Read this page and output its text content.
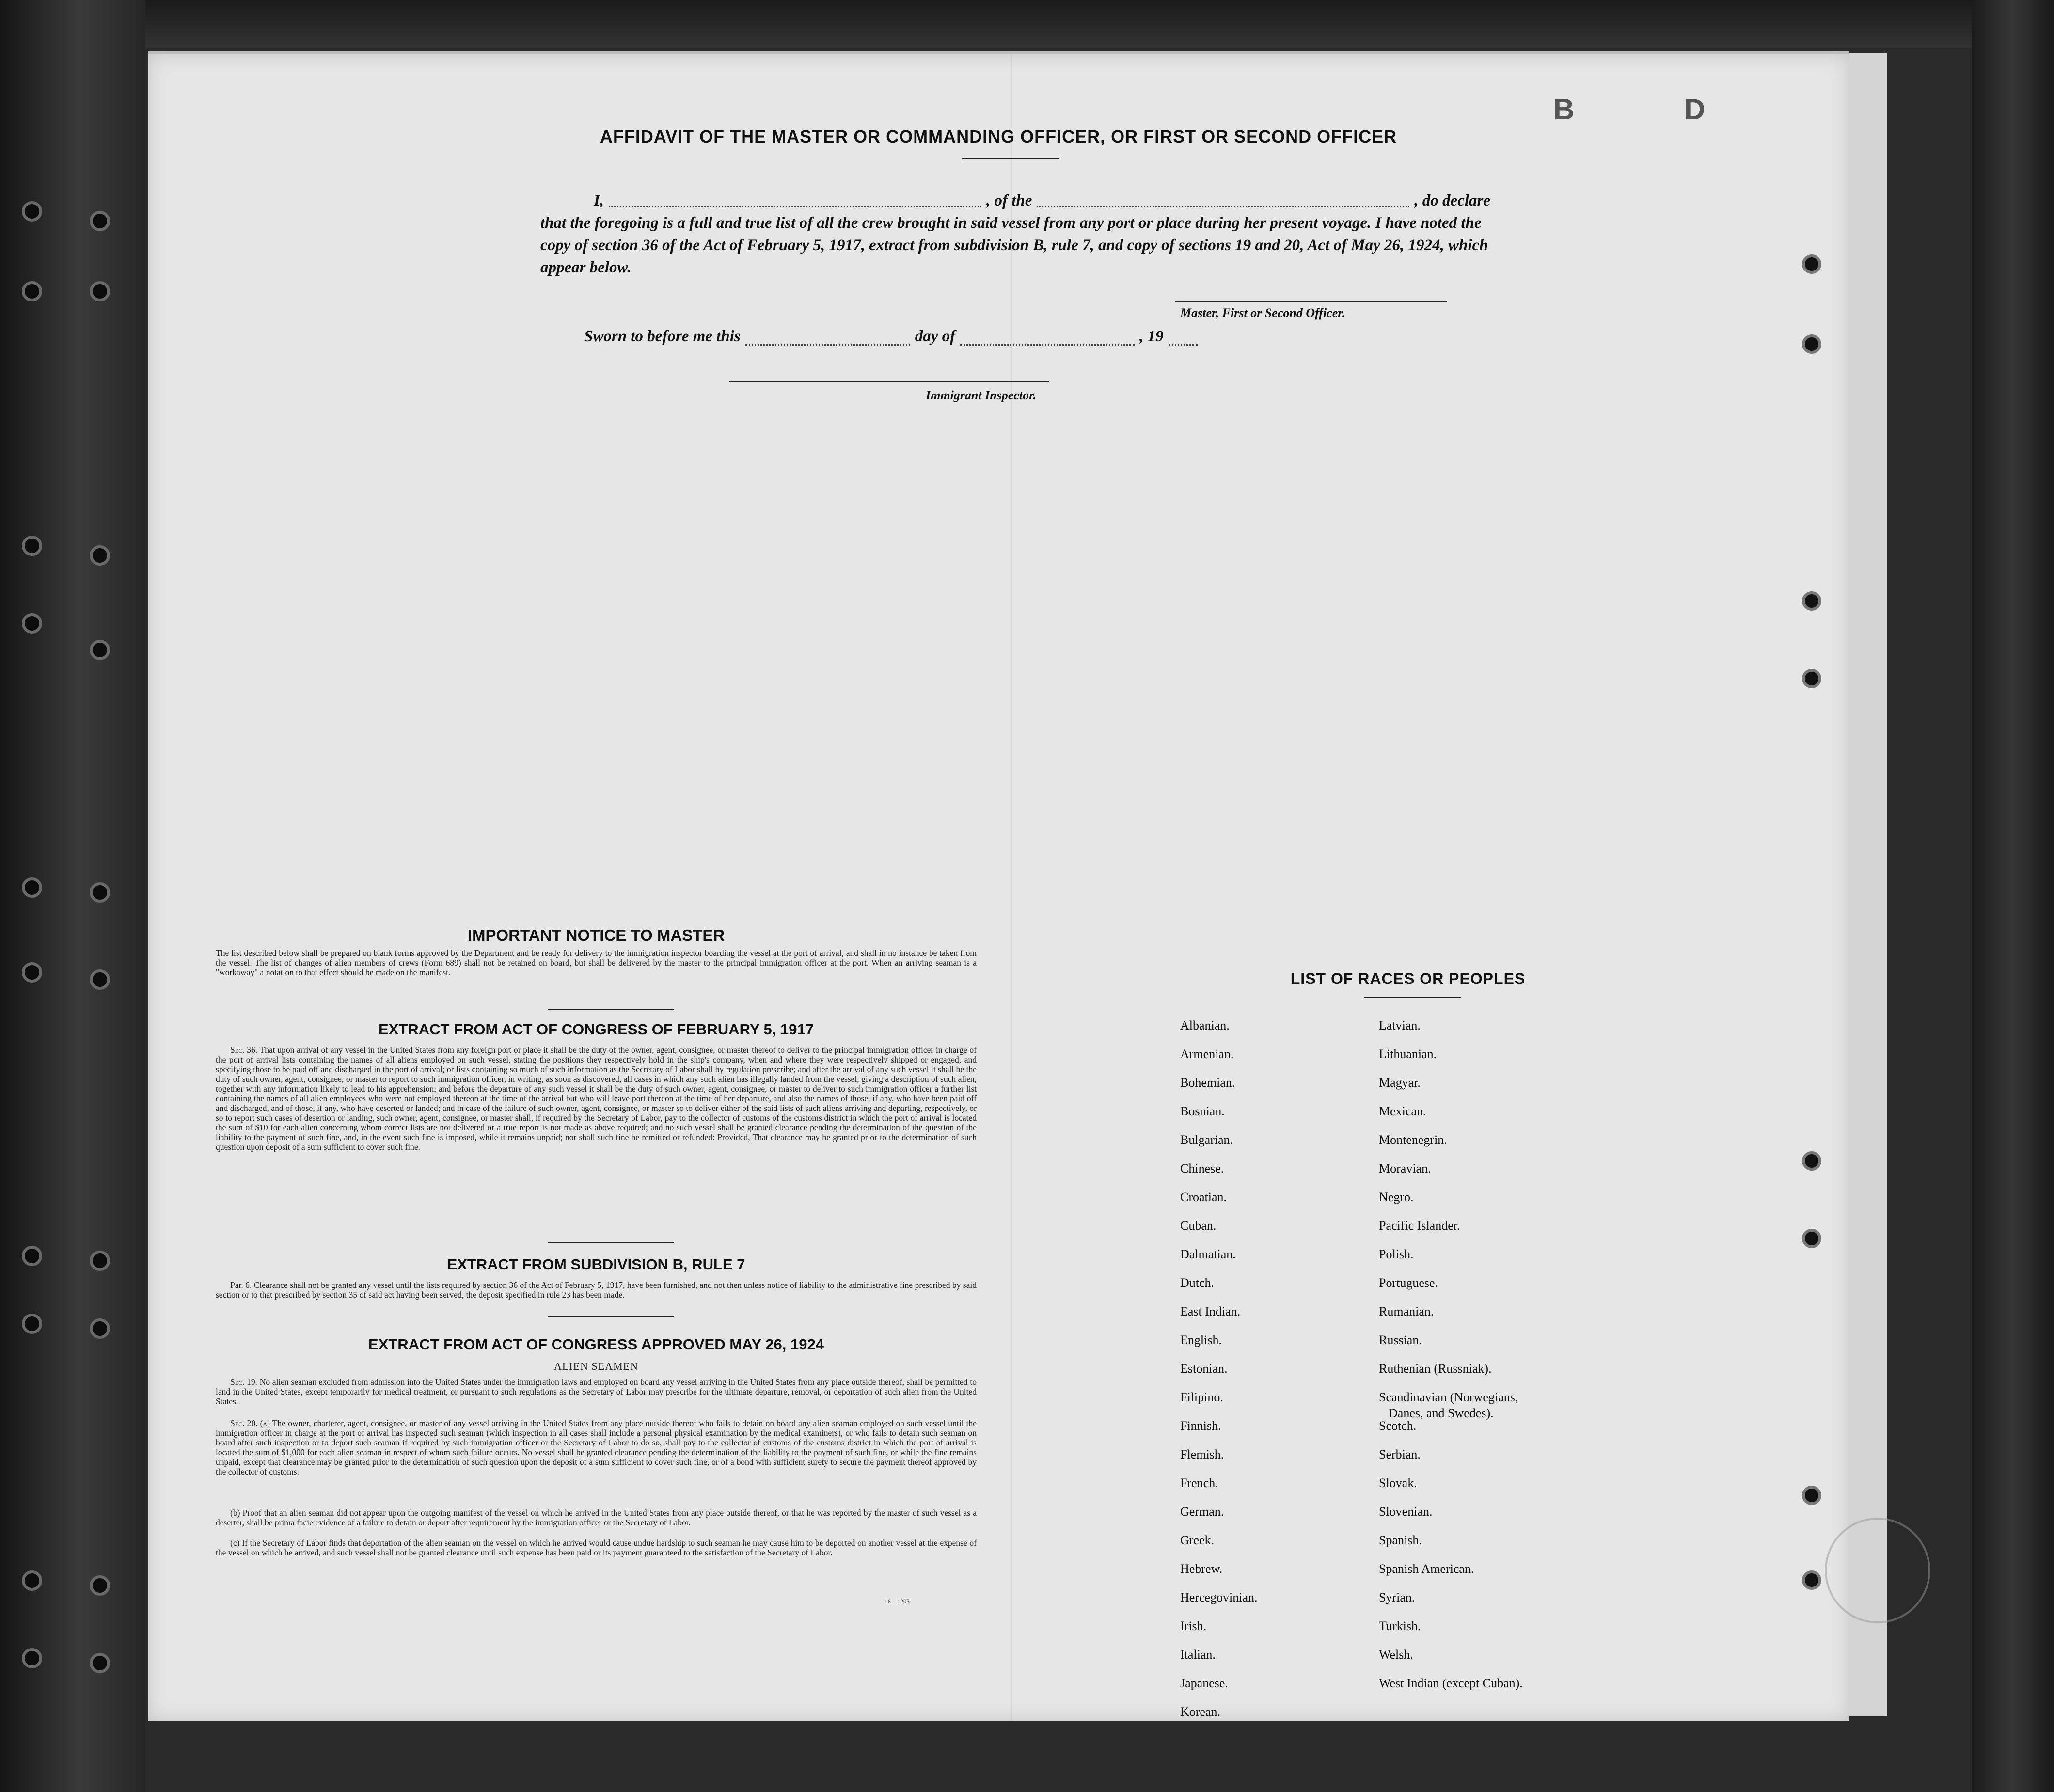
B	D
AFFIDAVIT OF THE MASTER OR COMMANDING OFFICER, OR FIRST OR SECOND OFFICER
I,	, of the	, do declare
that the foregoing is a full and true list of all the crew brought in said vessel from any port or place during her present voyage. I have noted the copy of section 36 of the Act of February 5, 1917, extract from subdivision B, rule 7, and copy of sections 19 and 20, Act of May 26, 1924, which appear below.
Master, First or Second Officer.
Sworn to before me this	day of	, 19
Immigrant Inspector.
IMPORTANT NOTICE TO MASTER
The list described below shall be prepared on blank forms approved by the Department and be ready for delivery to the immigration inspector boarding the vessel at the port of arrival, and shall in no instance be taken from the vessel. The list of changes of alien members of crews (Form 689) shall not be retained on board, but shall be delivered by the master to the principal immigration officer at the port. When an arriving seaman is a "workaway" a notation to that effect should be made on the manifest.
EXTRACT FROM ACT OF CONGRESS OF FEBRUARY 5, 1917
Sec. 36. That upon arrival of any vessel in the United States from any foreign port or place it shall be the duty of the owner, agent, consignee, or master thereof to deliver to the principal immigration officer in charge of the port of arrival lists containing the names of all aliens employed on such vessel, stating the positions they respectively hold in the ship's company, when and where they were respectively shipped or engaged, and specifying those to be paid off and discharged in the port of arrival; or lists containing so much of such information as the Secretary of Labor shall by regulation prescribe; and after the arrival of any such vessel it shall be the duty of such owner, agent, consignee, or master to report to such immigration officer, in writing, as soon as discovered, all cases in which any such alien has illegally landed from the vessel, giving a description of such alien, together with any information likely to lead to his apprehension; and before the departure of any such vessel it shall be the duty of such owner, agent, consignee, or master to deliver to such immigration officer a further list containing the names of all alien employees who were not employed thereon at the time of the arrival but who will leave port thereon at the time of her departure, and also the names of those, if any, who have been paid off and discharged, and of those, if any, who have deserted or landed; and in case of the failure of such owner, agent, consignee, or master so to deliver either of the said lists of such aliens arriving and departing, respectively, or so to report such cases of desertion or landing, such owner, agent, consignee, or master shall, if required by the Secretary of Labor, pay to the collector of customs of the customs district in which the port of arrival is located the sum of $10 for each alien concerning whom correct lists are not delivered or a true report is not made as above required; and no such vessel shall be granted clearance pending the determination of the question of the liability to the payment of such fine, and, in the event such fine is imposed, while it remains unpaid; nor shall such fine be remitted or refunded: Provided, That clearance may be granted prior to the determination of such question upon deposit of a sum sufficient to cover such fine.
EXTRACT FROM SUBDIVISION B, RULE 7
Par. 6. Clearance shall not be granted any vessel until the lists required by section 36 of the Act of February 5, 1917, have been furnished, and not then unless notice of liability to the administrative fine prescribed by said section or to that prescribed by section 35 of said act having been served, the deposit specified in rule 23 has been made.
EXTRACT FROM ACT OF CONGRESS APPROVED MAY 26, 1924
ALIEN SEAMEN
Sec. 19. No alien seaman excluded from admission into the United States under the immigration laws and employed on board any vessel arriving in the United States from any place outside thereof, shall be permitted to land in the United States, except temporarily for medical treatment, or pursuant to such regulations as the Secretary of Labor may prescribe for the ultimate departure, removal, or deportation of such alien from the United States.
Sec. 20. (a) The owner, charterer, agent, consignee, or master of any vessel arriving in the United States from any place outside thereof who fails to detain on board any alien seaman employed on such vessel until the immigration officer in charge at the port of arrival has inspected such seaman (which inspection in all cases shall include a personal physical examination by the medical examiners), or who fails to detain such seaman on board after such inspection or to deport such seaman if required by such immigration officer or the Secretary of Labor to do so, shall pay to the collector of customs of the customs district in which the port of arrival is located the sum of $1,000 for each alien seaman in respect of whom such failure occurs. No vessel shall be granted clearance pending the determination of the liability to the payment of such fine, or while the fine remains unpaid, except that clearance may be granted prior to the determination of such question upon the deposit of a sum sufficient to cover such fine, or of a bond with sufficient surety to secure the payment thereof approved by the collector of customs.
(b) Proof that an alien seaman did not appear upon the outgoing manifest of the vessel on which he arrived in the United States from any place outside thereof, or that he was reported by the master of such vessel as a deserter, shall be prima facie evidence of a failure to detain or deport after requirement by the immigration officer or the Secretary of Labor.
(c) If the Secretary of Labor finds that deportation of the alien seaman on the vessel on which he arrived would cause undue hardship to such seaman he may cause him to be deported on another vessel at the expense of the vessel on which he arrived, and such vessel shall not be granted clearance until such expense has been paid or its payment guaranteed to the satisfaction of the Secretary of Labor.
16—1203
LIST OF RACES OR PEOPLES
Albanian.
Armenian.
Bohemian.
Bosnian.
Bulgarian.
Chinese.
Croatian.
Cuban.
Dalmatian.
Dutch.
East Indian.
English.
Estonian.
Filipino.
Finnish.
Flemish.
French.
German.
Greek.
Hebrew.
Hercegovinian.
Irish.
Italian.
Japanese.
Korean.
Latvian.
Lithuanian.
Magyar.
Mexican.
Montenegrin.
Moravian.
Negro.
Pacific Islander.
Polish.
Portuguese.
Rumanian.
Russian.
Ruthenian (Russniak).
Scandinavian (Norwegians,
Danes, and Swedes).
Scotch.
Serbian.
Slovak.
Slovenian.
Spanish.
Spanish American.
Syrian.
Turkish.
Welsh.
West Indian (except Cuban).
